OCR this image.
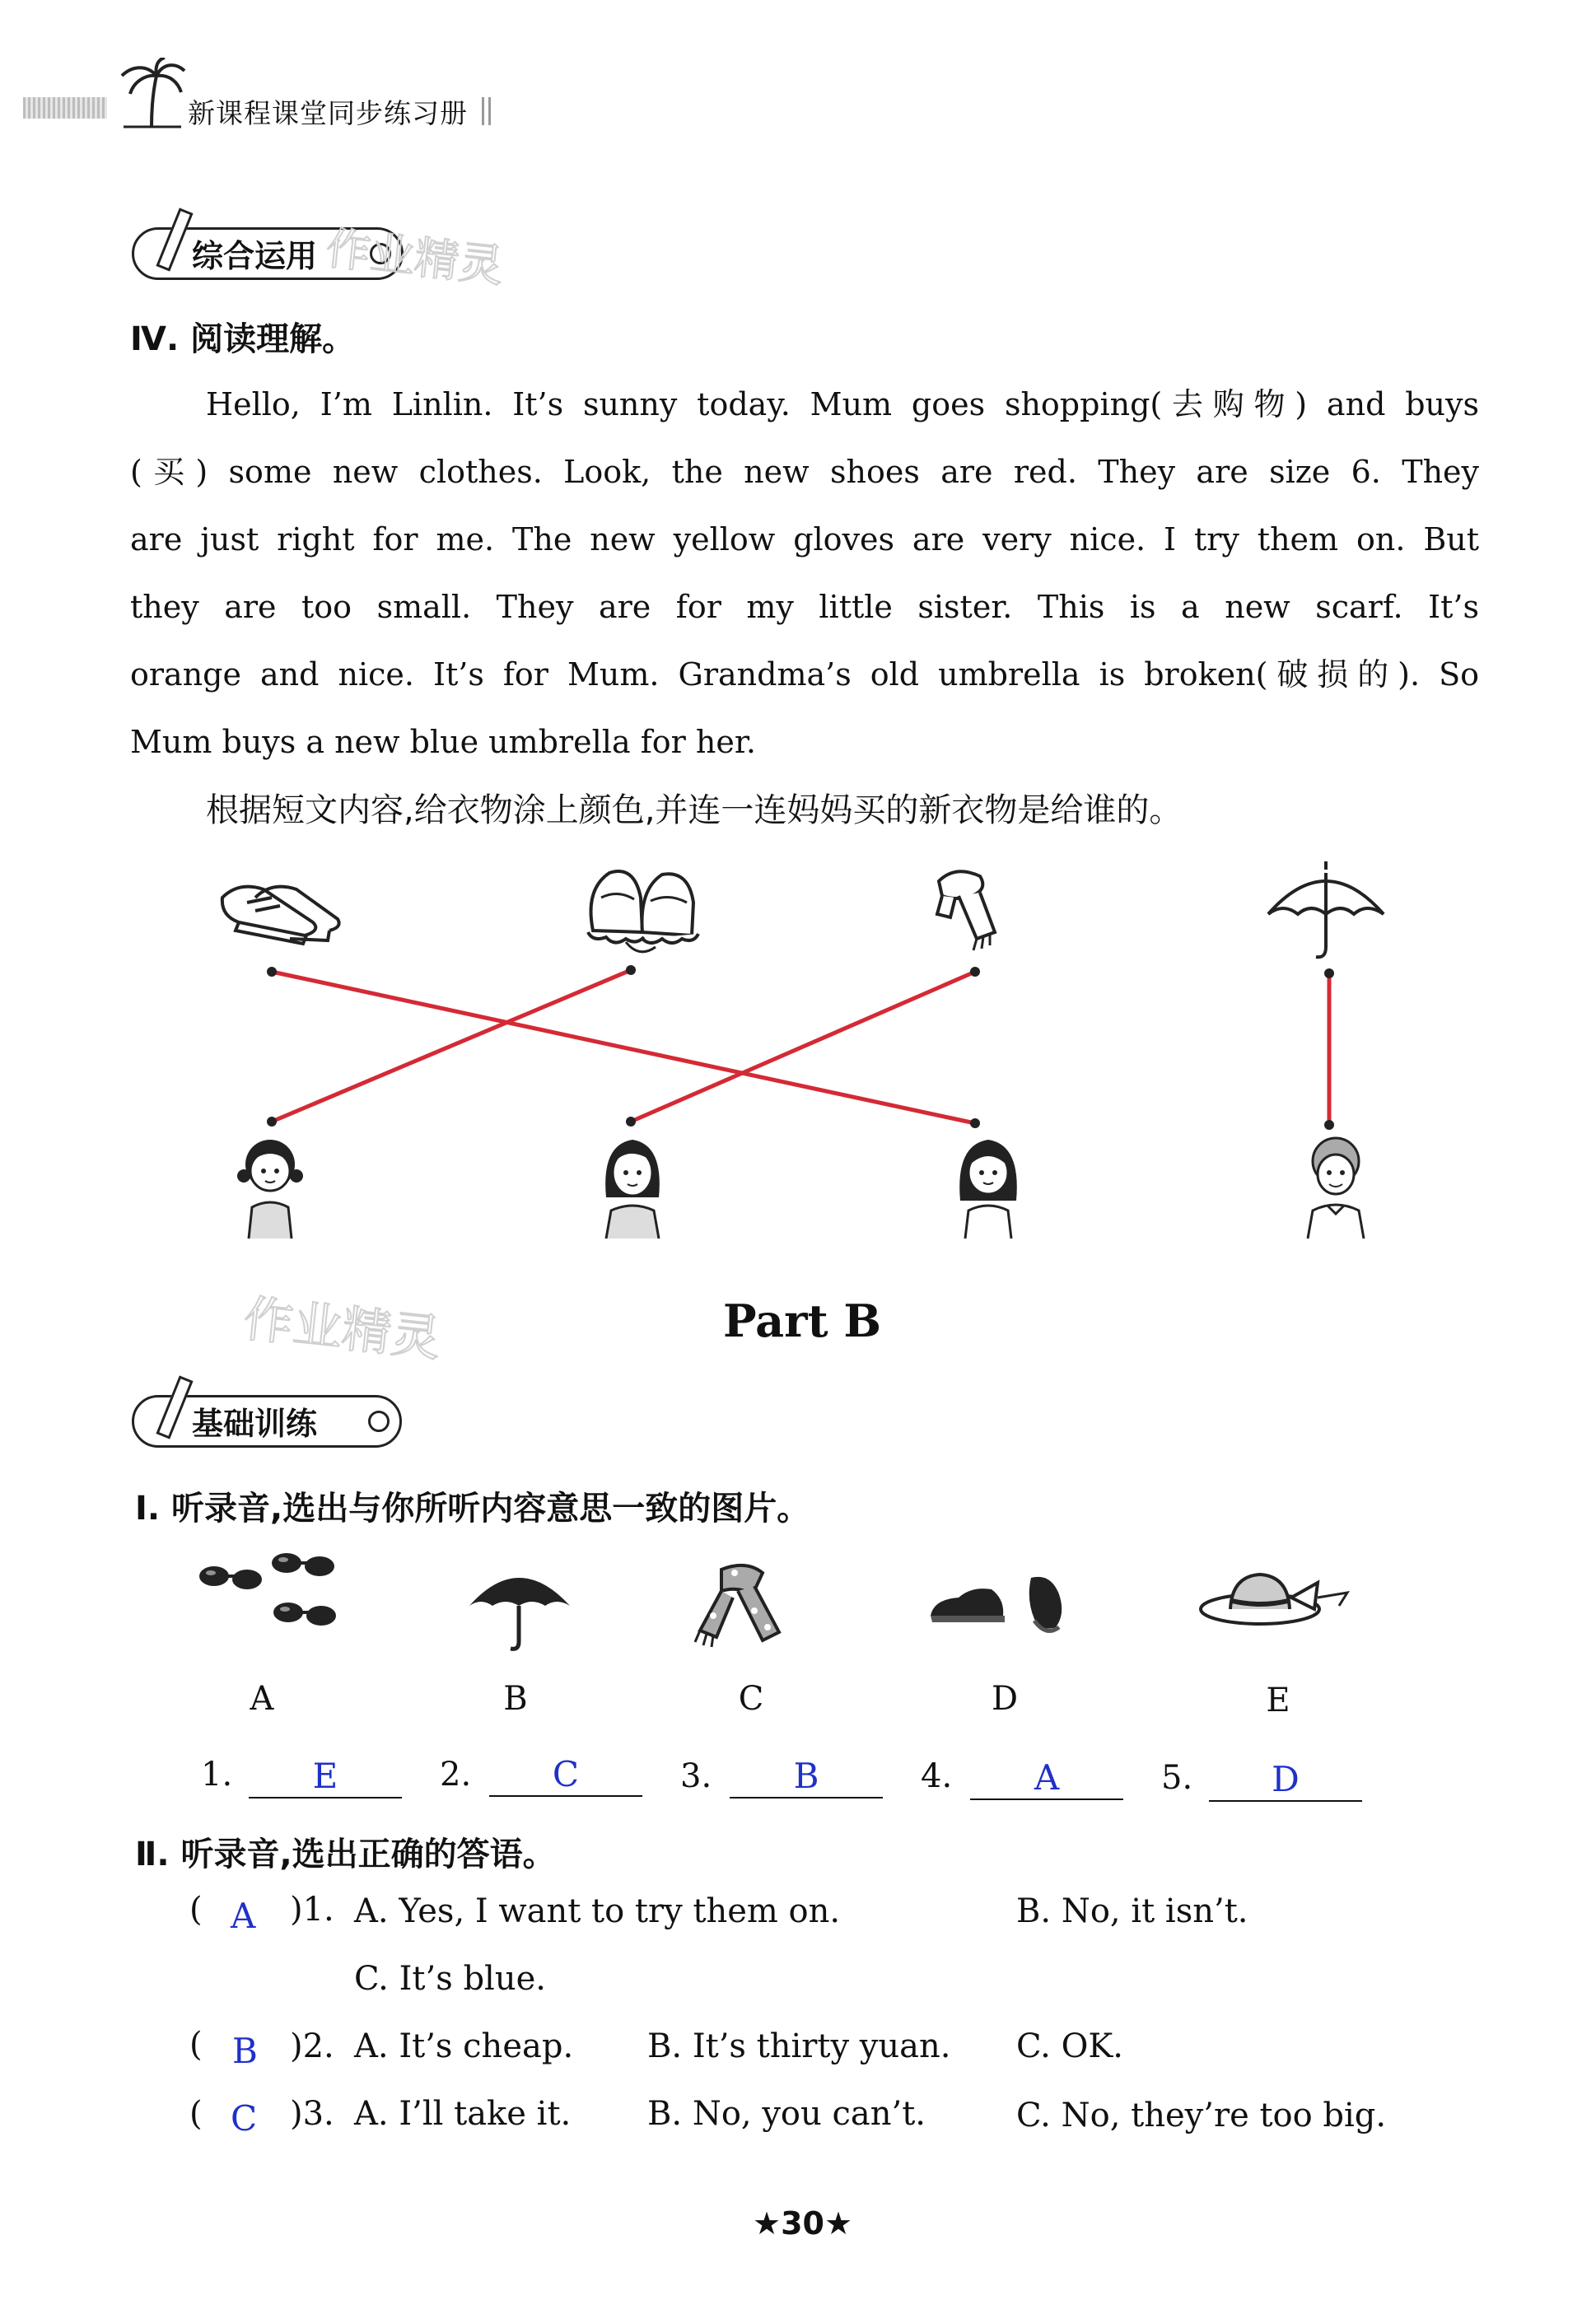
新课程课堂同步练习册
综合运用 作业精灵
Ⅳ. 阅读理解。
Hello, I’m Linlin. It’s sunny today. Mum goes shopping(去购物) and buys
(买) some new clothes. Look, the new shoes are red. They are size 6. They
are just right for me. The new yellow gloves are very nice. I try them on. But
they are too small. They are for my little sister. This is a new scarf. It’s
orange and nice. It’s for Mum. Grandma’s old umbrella is broken(破损的). So
Mum buys a new blue umbrella for her.
根据短文内容,给衣物涂上颜色,并连一连妈妈买的新衣物是给谁的。
作业精灵	Part B
基础训练
Ⅰ. 听录音,选出与你所听内容意思一致的图片。
A	B	C	D	E
1.	E	2.	C	3.	B	4.	A	5.	D
Ⅱ. 听录音,选出正确的答语。
( A )1. A. Yes, I want to try them on.	B. No, it isn’t.
C. It’s blue.
( B )2. A. It’s cheap. B. It’s thirty yuan. C. OK.
( C )3. A. I’ll take it. B. No, you can’t.	C. No, they’re too big.
★30★
